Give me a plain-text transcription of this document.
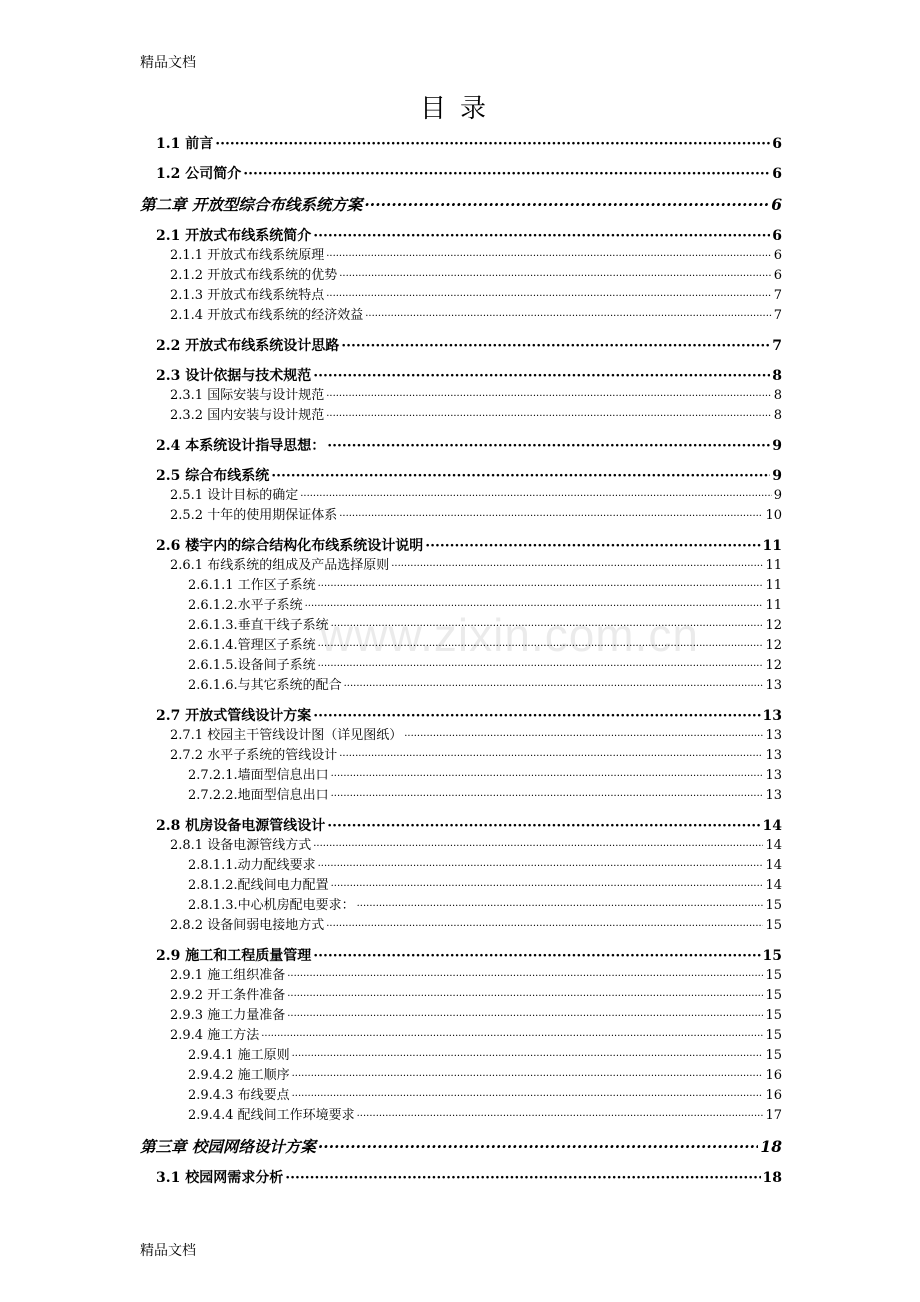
精品文档
目录
1.1 前言 ·····	6
1.2 公司简介 ·····	6
第二章 开放型综合布线系统方案 ·····	6
2.1 开放式布线系统简介 ·····	6
2.1.1 开放式布线系统原理 ·····	6
2.1.2 开放式布线系统的优势 ·····	6
2.1.3 开放式布线系统特点 ·····	7
2.1.4 开放式布线系统的经济效益 ·····	7
2.2 开放式布线系统设计思路 ·····	7
2.3 设计依据与技术规范 ·····	8
2.3.1 国际安装与设计规范 ·····	8
2.3.2 国内安装与设计规范 ·····	8
2.4 本系统设计指导思想： ·····	9
2.5 综合布线系统 ·····	9
2.5.1 设计目标的确定 ·····	9
2.5.2 十年的使用期保证体系 ·····	10
2.6 楼宇内的综合结构化布线系统设计说明 ·····	11
2.6.1 布线系统的组成及产品选择原则 ·····	11
2.6.1.1 工作区子系统 ·····	11
2.6.1.2.水平子系统 ·····	11
2.6.1.3.垂直干线子系统 ·····	12
2.6.1.4.管理区子系统 ·····	12
2.6.1.5.设备间子系统 ·····	12
2.6.1.6.与其它系统的配合 ·····	13
2.7 开放式管线设计方案 ·····	13
2.7.1 校园主干管线设计图（详见图纸） ·····	13
2.7.2 水平子系统的管线设计 ·····	13
2.7.2.1.墙面型信息出口 ·····	13
2.7.2.2.地面型信息出口 ·····	13
2.8 机房设备电源管线设计 ·····	14
2.8.1 设备电源管线方式 ·····	14
2.8.1.1.动力配线要求 ·····	14
2.8.1.2.配线间电力配置 ·····	14
2.8.1.3.中心机房配电要求： ·····	15
2.8.2 设备间弱电接地方式 ·····	15
2.9 施工和工程质量管理 ·····	15
2.9.1 施工组织准备 ·····	15
2.9.2 开工条件准备 ·····	15
2.9.3 施工力量准备 ·····	15
2.9.4 施工方法 ·····	15
2.9.4.1 施工原则 ·····	15
2.9.4.2 施工顺序 ·····	16
2.9.4.3 布线要点 ·····	16
2.9.4.4 配线间工作环境要求 ·····	17
第三章 校园网络设计方案 ·····	18
3.1 校园网需求分析 ·····	18
www.zixin.com.cn
精品文档
